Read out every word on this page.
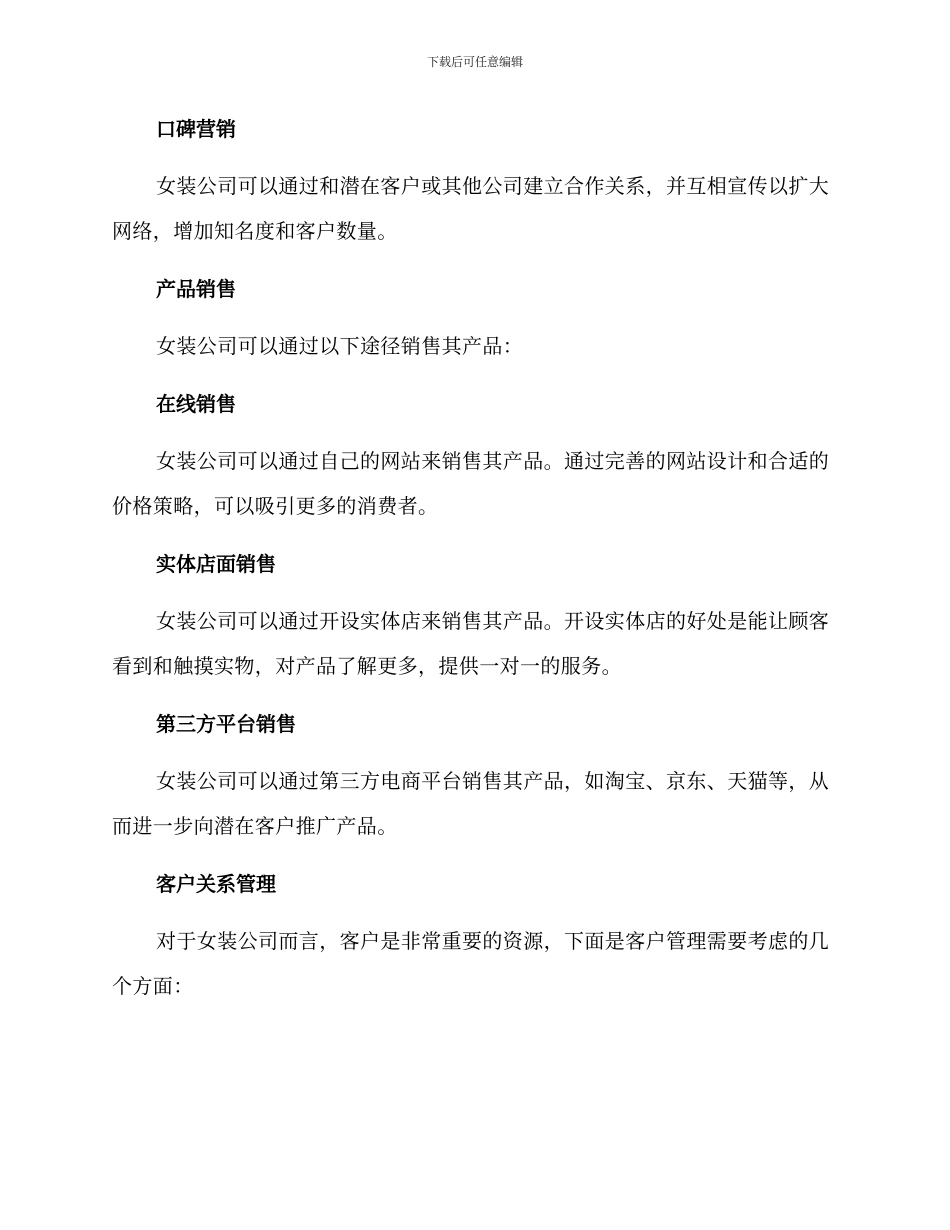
下载后可任意编辑
口碑营销
女装公司可以通过和潜在客户或其他公司建立合作关系，并互相宣传以扩大网络，增加知名度和客户数量。
产品销售
女装公司可以通过以下途径销售其产品：
在线销售
女装公司可以通过自己的网站来销售其产品。通过完善的网站设计和合适的价格策略，可以吸引更多的消费者。
实体店面销售
女装公司可以通过开设实体店来销售其产品。开设实体店的好处是能让顾客看到和触摸实物，对产品了解更多，提供一对一的服务。
第三方平台销售
女装公司可以通过第三方电商平台销售其产品，如淘宝、京东、天猫等，从而进一步向潜在客户推广产品。
客户关系管理
对于女装公司而言，客户是非常重要的资源，下面是客户管理需要考虑的几个方面：
